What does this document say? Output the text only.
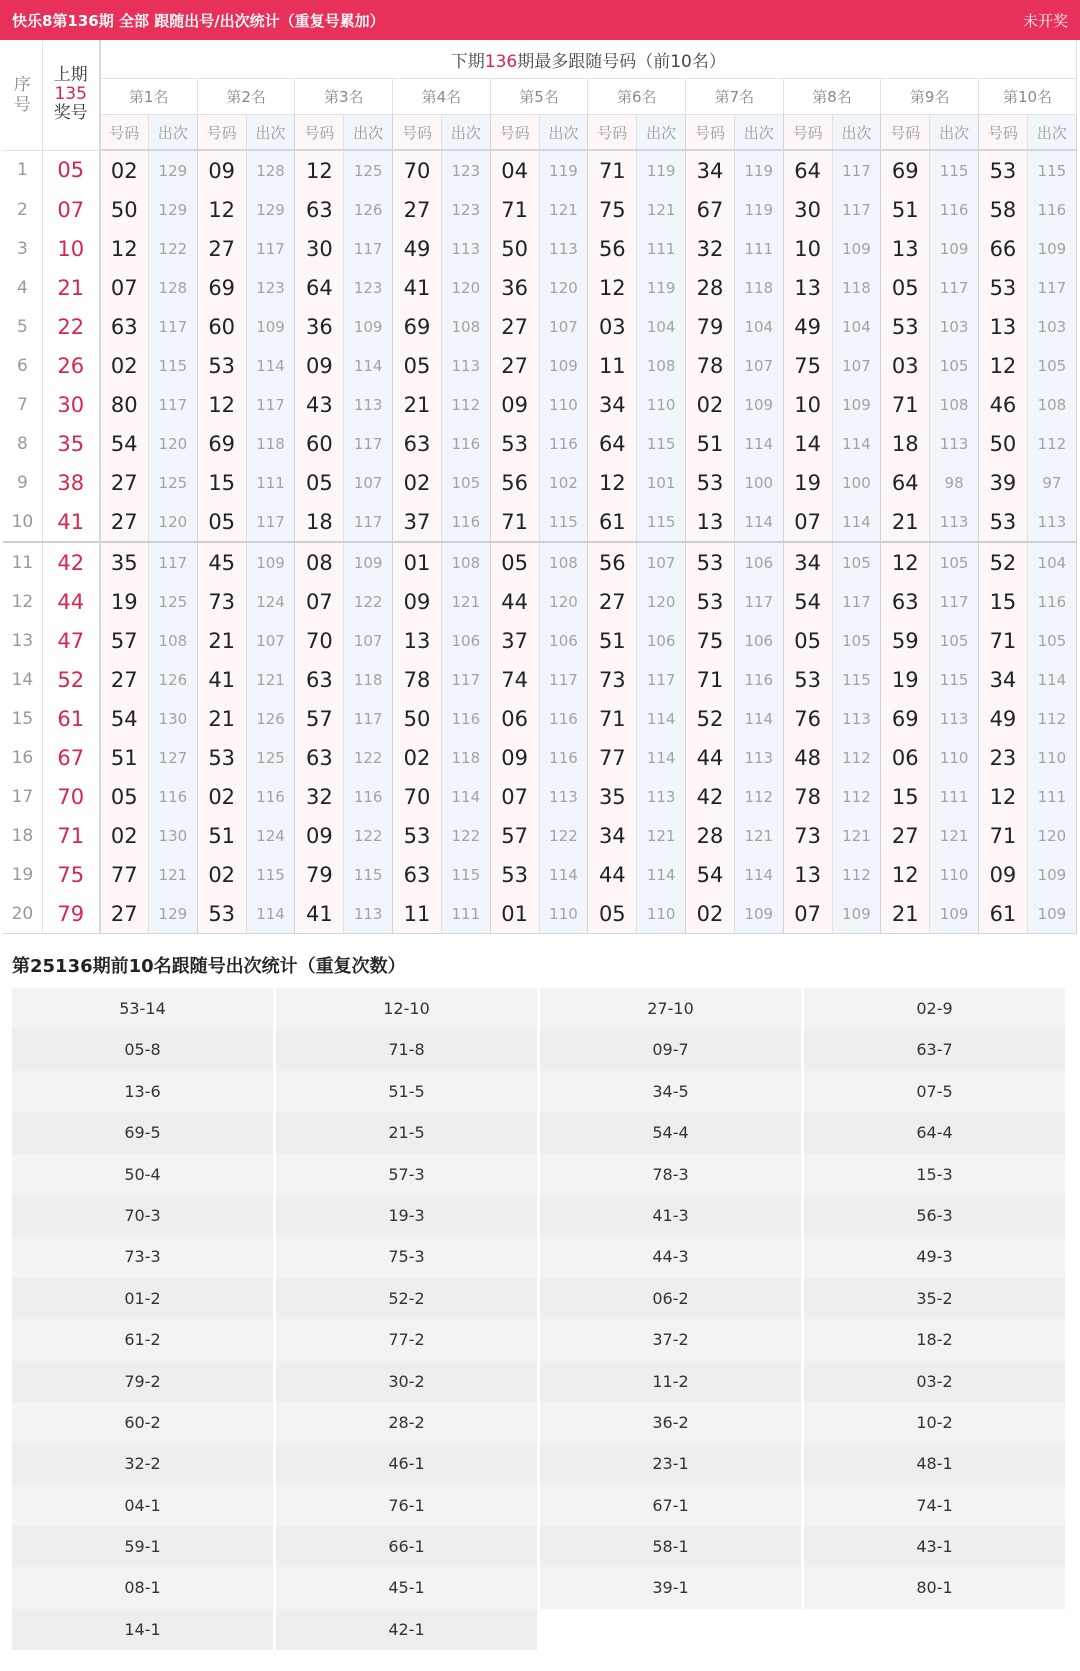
快乐8第136期 全部 跟随出号/出次统计（重复号累加）	未开奖
序号	上期
135
奖号	下期136期最多跟随号码（前10名）																			
		第1名		第2名		第3名		第4名		第5名		第6名		第7名		第8名		第9名		第10名	
		号码	出次	号码	出次	号码	出次	号码	出次	号码	出次	号码	出次	号码	出次	号码	出次	号码	出次	号码	出次
1	05	02	129	09	128	12	125	70	123	04	119	71	119	34	119	64	117	69	115	53	115
2	07	50	129	12	129	63	126	27	123	71	121	75	121	67	119	30	117	51	116	58	116
3	10	12	122	27	117	30	117	49	113	50	113	56	111	32	111	10	109	13	109	66	109
4	21	07	128	69	123	64	123	41	120	36	120	12	119	28	118	13	118	05	117	53	117
5	22	63	117	60	109	36	109	69	108	27	107	03	104	79	104	49	104	53	103	13	103
6	26	02	115	53	114	09	114	05	113	27	109	11	108	78	107	75	107	03	105	12	105
7	30	80	117	12	117	43	113	21	112	09	110	34	110	02	109	10	109	71	108	46	108
8	35	54	120	69	118	60	117	63	116	53	116	64	115	51	114	14	114	18	113	50	112
9	38	27	125	15	111	05	107	02	105	56	102	12	101	53	100	19	100	64	98	39	97
10	41	27	120	05	117	18	117	37	116	71	115	61	115	13	114	07	114	21	113	53	113
11	42	35	117	45	109	08	109	01	108	05	108	56	107	53	106	34	105	12	105	52	104
12	44	19	125	73	124	07	122	09	121	44	120	27	120	53	117	54	117	63	117	15	116
13	47	57	108	21	107	70	107	13	106	37	106	51	106	75	106	05	105	59	105	71	105
14	52	27	126	41	121	63	118	78	117	74	117	73	117	71	116	53	115	19	115	34	114
15	61	54	130	21	126	57	117	50	116	06	116	71	114	52	114	76	113	69	113	49	112
16	67	51	127	53	125	63	122	02	118	09	116	77	114	44	113	48	112	06	110	23	110
17	70	05	116	02	116	32	116	70	114	07	113	35	113	42	112	78	112	15	111	12	111
18	71	02	130	51	124	09	122	53	122	57	122	34	121	28	121	73	121	27	121	71	120
19	75	77	121	02	115	79	115	63	115	53	114	44	114	54	114	13	112	12	110	09	109
20	79	27	129	53	114	41	113	11	111	01	110	05	110	02	109	07	109	21	109	61	109
第25136期前10名跟随号出次统计（重复次数）
53-14	12-10	27-10	02-9
05-8	71-8	09-7	63-7
13-6	51-5	34-5	07-5
69-5	21-5	54-4	64-4
50-4	57-3	78-3	15-3
70-3	19-3	41-3	56-3
73-3	75-3	44-3	49-3
01-2	52-2	06-2	35-2
61-2	77-2	37-2	18-2
79-2	30-2	11-2	03-2
60-2	28-2	36-2	10-2
32-2	46-1	23-1	48-1
04-1	76-1	67-1	74-1
59-1	66-1	58-1	43-1
08-1	45-1	39-1	80-1
14-1	42-1
